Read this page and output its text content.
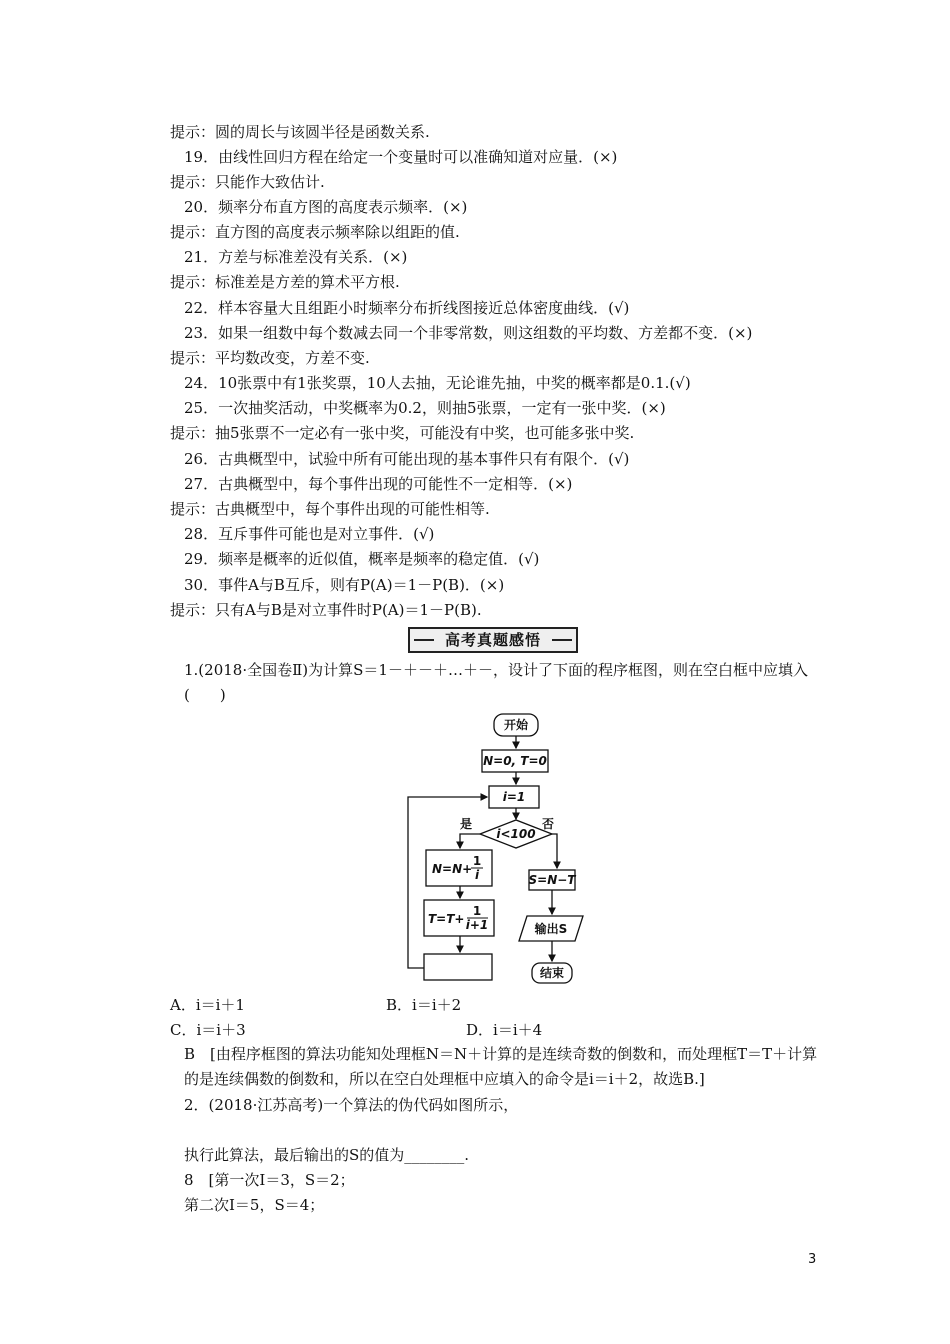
提示：圆的周长与该圆半径是函数关系.
19．由线性回归方程在给定一个变量时可以准确知道对应量．(×)
提示：只能作大致估计.
20．频率分布直方图的高度表示频率．(×)
提示：直方图的高度表示频率除以组距的值.
21．方差与标准差没有关系．(×)
提示：标准差是方差的算术平方根.
22．样本容量大且组距小时频率分布折线图接近总体密度曲线．(√)
23．如果一组数中每个数减去同一个非零常数，则这组数的平均数、方差都不变．(×)
提示：平均数改变，方差不变.
24．10张票中有1张奖票，10人去抽，无论谁先抽，中奖的概率都是0.1.(√)
25．一次抽奖活动，中奖概率为0.2，则抽5张票，一定有一张中奖．(×)
提示：抽5张票不一定必有一张中奖，可能没有中奖，也可能多张中奖.
26．古典概型中，试验中所有可能出现的基本事件只有有限个．(√)
27．古典概型中，每个事件出现的可能性不一定相等．(×)
提示：古典概型中，每个事件出现的可能性相等.
28．互斥事件可能也是对立事件．(√)
29．频率是概率的近似值，概率是频率的稳定值．(√)
30．事件A与B互斥，则有P(A)＝1－P(B)．(×)
提示：只有A与B是对立事件时P(A)＝1－P(B).
高考真题感悟
1.(2018·全国卷Ⅱ)为计算S＝1－＋－＋…＋－，设计了下面的程序框图，则在空白框中应填入(　　)
开始
N=0, T=0
i=1
i<100
是	否
N=N+
1
i
T=T+
1
i+1
S=N−T
输出S
结束
A．i＝i＋1	B．i＝i＋2
C．i＝i＋3	D．i＝i＋4
B　[由程序框图的算法功能知处理框N＝N＋计算的是连续奇数的倒数和，而处理框T＝T＋计算的是连续偶数的倒数和，所以在空白处理框中应填入的命令是i＝i＋2，故选B.]
2．(2018·江苏高考)一个算法的伪代码如图所示，
执行此算法，最后输出的S的值为________.
8　[第一次I＝3，S＝2；
第二次I＝5，S＝4；
3
